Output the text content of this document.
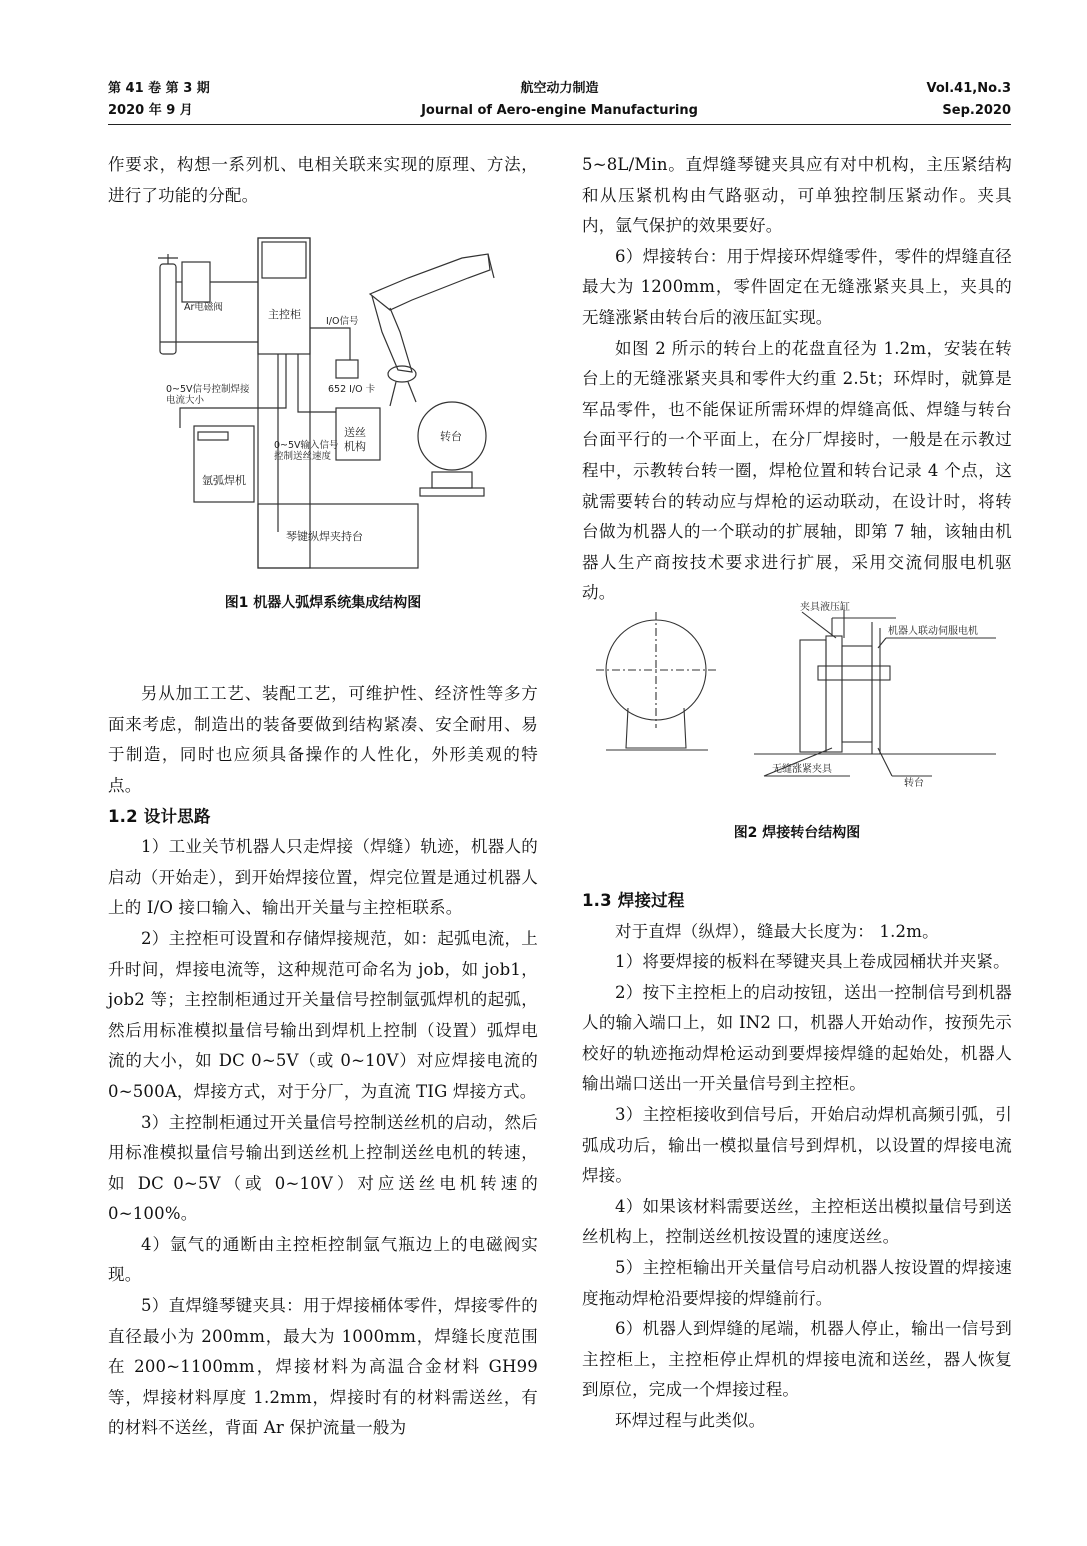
第 41 卷 第 3 期
2020 年 9 月
航空动力制造
Journal of Aero-engine Manufacturing
Vol.41,No.3
Sep.2020

作要求，构想一系列机、电相关联来实现的原理、方法，进行了功能的分配。

另从加工工艺、装配工艺，可维护性、经济性等多方面来考虑，制造出的装备要做到结构紧凑、安全耐用、易于制造，同时也应须具备操作的人性化，外形美观的特点。

1.2 设计思路

1）工业关节机器人只走焊接（焊缝）轨迹，机器人的启动（开始走），到开始焊接位置，焊完位置是通过机器人上的 I/O 接口输入、输出开关量与主控柜联系。

2）主控柜可设置和存储焊接规范，如：起弧电流，上升时间，焊接电流等，这种规范可命名为 job，如 job1，job2 等；主控制柜通过开关量信号控制氩弧焊机的起弧，然后用标准模拟量信号输出到焊机上控制（设置）弧焊电流的大小，如 DC 0~5V（或 0~10V）对应焊接电流的 0~500A，焊接方式，对于分厂，为直流 TIG 焊接方式。

3）主控制柜通过开关量信号控制送丝机的启动，然后用标准模拟量信号输出到送丝机上控制送丝电机的转速，如 DC 0~5V（或 0~10V）对应送丝电机转速的 0~100%。

4）氩气的通断由主控柜控制氩气瓶边上的电磁阀实现。

5）直焊缝琴键夹具：用于焊接桶体零件，焊接零件的直径最小为 200mm，最大为 1000mm，焊缝长度范围在 200~1100mm，焊接材料为高温合金材料 GH99 等，焊接材料厚度 1.2mm，焊接时有的材料需送丝，有的材料不送丝，背面 Ar 保护流量一般为

Ar电磁阀
主控柜
I/O信号
652 I/O 卡
0~5V信号控制焊接
电流大小
0~5V输入信号
控制送丝速度
送丝
机构
转台
氩弧焊机
琴键纵焊夹持台
图1 机器人弧焊系统集成结构图

5~8L/Min。直焊缝琴键夹具应有对中机构，主压紧结构和从压紧机构由气路驱动，可单独控制压紧动作。夹具内，氩气保护的效果要好。

6）焊接转台：用于焊接环焊缝零件，零件的焊缝直径最大为 1200mm，零件固定在无缝涨紧夹具上，夹具的无缝涨紧由转台后的液压缸实现。

如图 2 所示的转台上的花盘直径为 1.2m，安装在转台上的无缝涨紧夹具和零件大约重 2.5t；环焊时，就算是军品零件，也不能保证所需环焊的焊缝高低、焊缝与转台台面平行的一个平面上，在分厂焊接时，一般是在示教过程中，示教转台转一圈，焊枪位置和转台记录 4 个点，这就需要转台的转动应与焊枪的运动联动，在设计时，将转台做为机器人的一个联动的扩展轴，即第 7 轴，该轴由机器人生产商按技术要求进行扩展，采用交流伺服电机驱动。

1.3 焊接过程

对于直焊（纵焊），缝最大长度为： 1.2m。

1）将要焊接的板料在琴键夹具上卷成园桶状并夹紧。

2）按下主控柜上的启动按钮，送出一控制信号到机器人的输入端口上，如 IN2 口，机器人开始动作，按预先示校好的轨迹拖动焊枪运动到要焊接焊缝的起始处，机器人输出端口送出一开关量信号到主控柜。

3）主控柜接收到信号后，开始启动焊机高频引弧，引弧成功后，输出一模拟量信号到焊机，以设置的焊接电流焊接。

4）如果该材料需要送丝，主控柜送出模拟量信号到送丝机构上，控制送丝机按设置的速度送丝。

5）主控柜输出开关量信号启动机器人按设置的焊接速度拖动焊枪沿要焊接的焊缝前行。

6）机器人到焊缝的尾端，机器人停止，输出一信号到主控柜上，主控柜停止焊机的焊接电流和送丝，器人恢复到原位，完成一个焊接过程。

环焊过程与此类似。

夹具液压缸
机器人联动伺服电机
无缝涨紧夹具
转台
图2 焊接转台结构图
